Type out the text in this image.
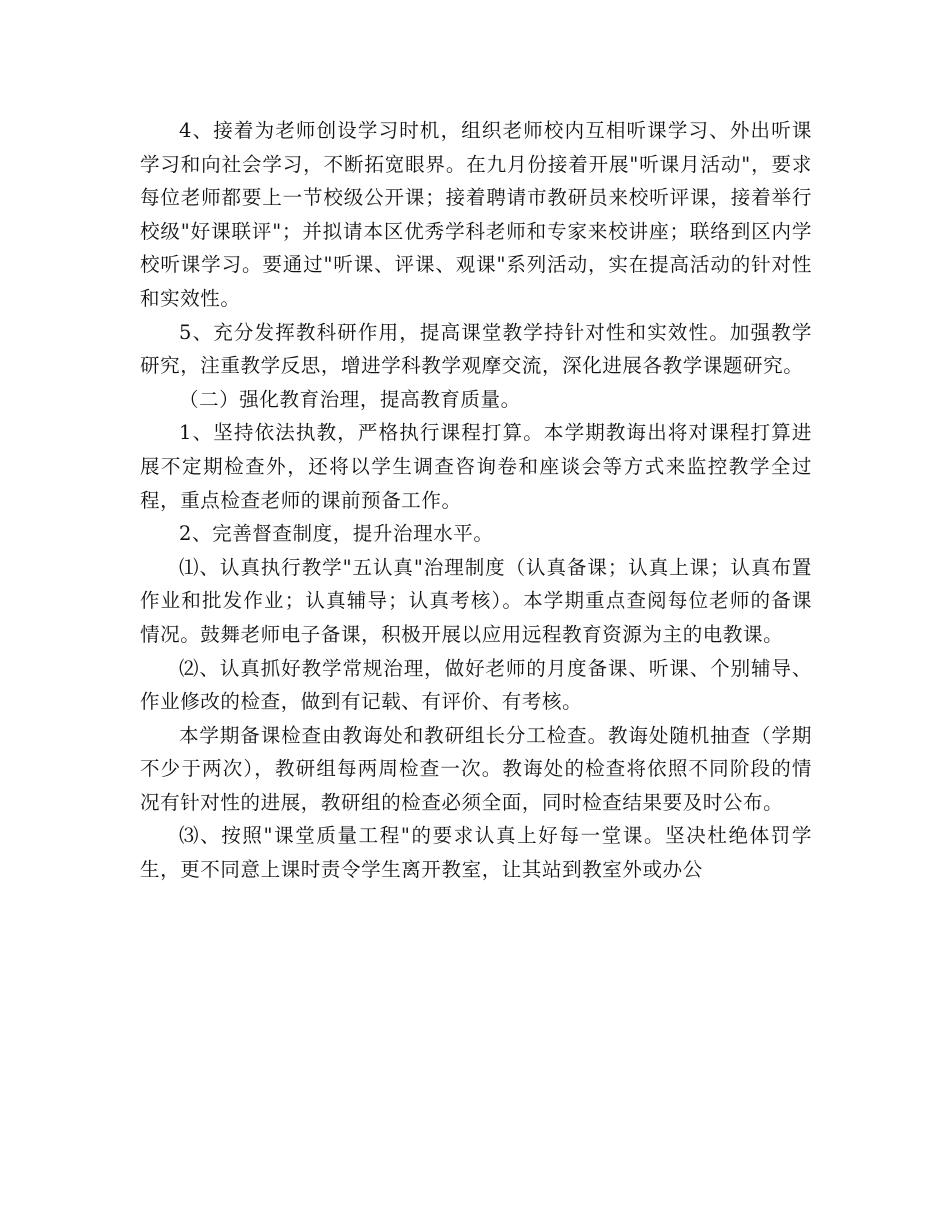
4、接着为老师创设学习时机，组织老师校内互相听课学习、外出听课学习和向社会学习，不断拓宽眼界。在九月份接着开展"听课月活动"，要求每位老师都要上一节校级公开课；接着聘请市教研员来校听评课，接着举行校级"好课联评"；并拟请本区优秀学科老师和专家来校讲座；联络到区内学校听课学习。要通过"听课、评课、观课"系列活动，实在提高活动的针对性和实效性。

5、充分发挥教科研作用，提高课堂教学持针对性和实效性。加强教学研究，注重教学反思，增进学科教学观摩交流，深化进展各教学课题研究。

（二）强化教育治理，提高教育质量。

1、坚持依法执教，严格执行课程打算。本学期教诲出将对课程打算进展不定期检查外，还将以学生调查咨询卷和座谈会等方式来监控教学全过程，重点检查老师的课前预备工作。

2、完善督查制度，提升治理水平。

⑴、认真执行教学"五认真"治理制度（认真备课；认真上课；认真布置作业和批发作业；认真辅导；认真考核）。本学期重点查阅每位老师的备课情况。鼓舞老师电子备课，积极开展以应用远程教育资源为主的电教课。

⑵、认真抓好教学常规治理，做好老师的月度备课、听课、个别辅导、作业修改的检查，做到有记载、有评价、有考核。

本学期备课检查由教诲处和教研组长分工检查。教诲处随机抽查（学期不少于两次），教研组每两周检查一次。教诲处的检查将依照不同阶段的情况有针对性的进展，教研组的检查必须全面，同时检查结果要及时公布。

⑶、按照"课堂质量工程"的要求认真上好每一堂课。坚决杜绝体罚学生，更不同意上课时责令学生离开教室，让其站到教室外或办公
